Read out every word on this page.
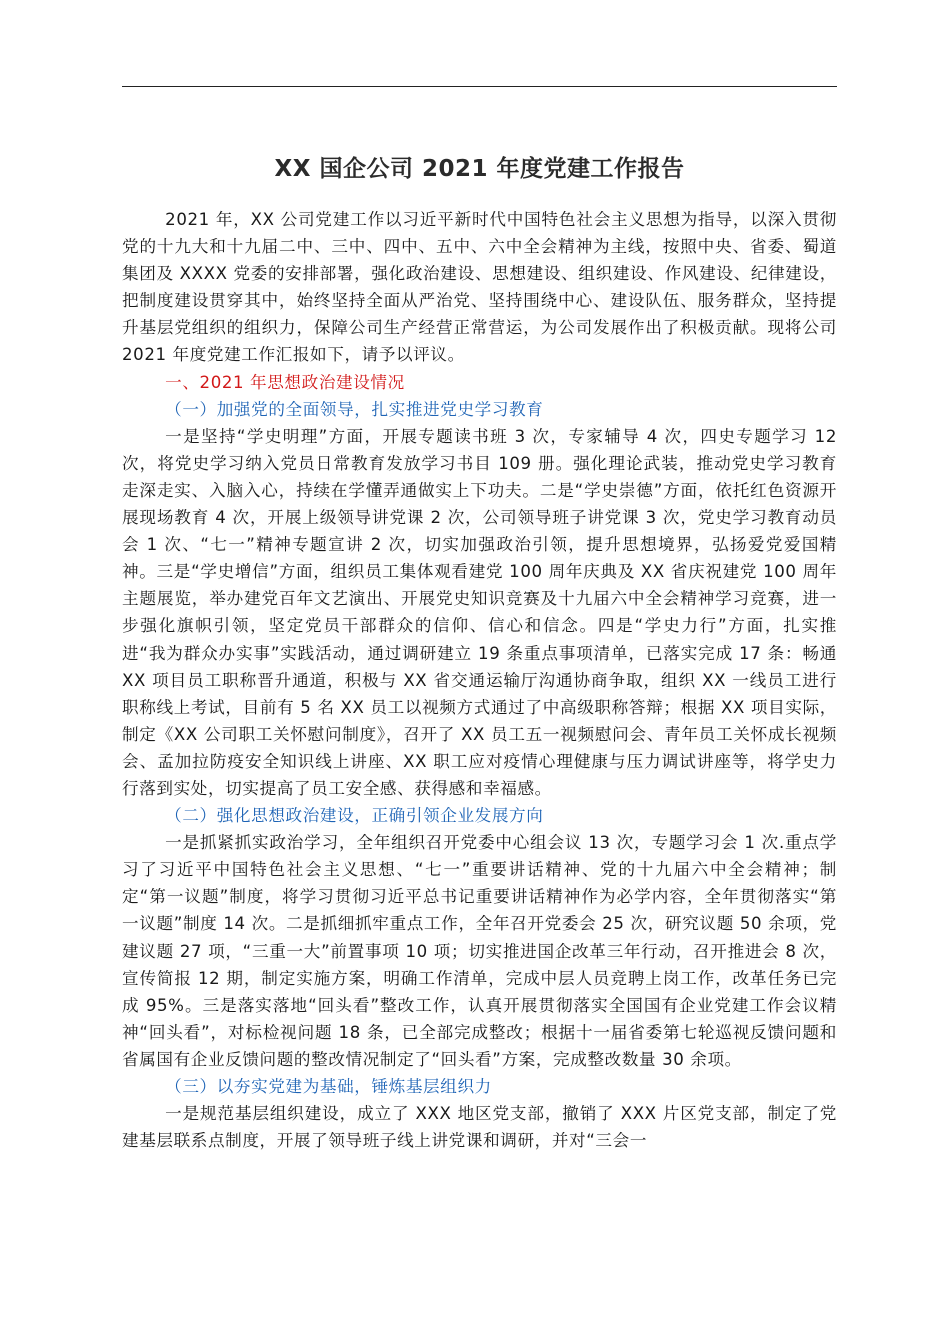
XX 国企公司 2021 年度党建工作报告

2021 年，XX 公司党建工作以习近平新时代中国特色社会主义思想为指导，以深入贯彻党的十九大和十九届二中、三中、四中、五中、六中全会精神为主线，按照中央、省委、蜀道集团及 XXXX 党委的安排部署，强化政治建设、思想建设、组织建设、作风建设、纪律建设，把制度建设贯穿其中，始终坚持全面从严治党、坚持围绕中心、建设队伍、服务群众，坚持提升基层党组织的组织力，保障公司生产经营正常营运，为公司发展作出了积极贡献。现将公司 2021 年度党建工作汇报如下，请予以评议。

一、2021 年思想政治建设情况

（一）加强党的全面领导，扎实推进党史学习教育

一是坚持“学史明理”方面，开展专题读书班 3 次，专家辅导 4 次，四史专题学习 12 次，将党史学习纳入党员日常教育发放学习书目 109 册。强化理论武装，推动党史学习教育走深走实、入脑入心，持续在学懂弄通做实上下功夫。二是“学史崇德”方面，依托红色资源开展现场教育 4 次，开展上级领导讲党课 2 次，公司领导班子讲党课 3 次，党史学习教育动员会 1 次、“七一”精神专题宣讲 2 次，切实加强政治引领，提升思想境界，弘扬爱党爱国精神。三是“学史增信”方面，组织员工集体观看建党 100 周年庆典及 XX 省庆祝建党 100 周年主题展览，举办建党百年文艺演出、开展党史知识竞赛及十九届六中全会精神学习竞赛，进一步强化旗帜引领，坚定党员干部群众的信仰、信心和信念。四是“学史力行”方面，扎实推进“我为群众办实事”实践活动，通过调研建立 19 条重点事项清单，已落实完成 17 条：畅通 XX 项目员工职称晋升通道，积极与 XX 省交通运输厅沟通协商争取，组织 XX 一线员工进行职称线上考试，目前有 5 名 XX 员工以视频方式通过了中高级职称答辩；根据 XX 项目实际，制定《XX 公司职工关怀慰问制度》，召开了 XX 员工五一视频慰问会、青年员工关怀成长视频会、孟加拉防疫安全知识线上讲座、XX 职工应对疫情心理健康与压力调试讲座等，将学史力行落到实处，切实提高了员工安全感、获得感和幸福感。

（二）强化思想政治建设，正确引领企业发展方向

一是抓紧抓实政治学习，全年组织召开党委中心组会议 13 次，专题学习会 1 次.重点学习了习近平中国特色社会主义思想、“七一”重要讲话精神、党的十九届六中全会精神；制定“第一议题”制度，将学习贯彻习近平总书记重要讲话精神作为必学内容，全年贯彻落实“第一议题”制度 14 次。二是抓细抓牢重点工作，全年召开党委会 25 次，研究议题 50 余项，党建议题 27 项，“三重一大”前置事项 10 项；切实推进国企改革三年行动，召开推进会 8 次，宣传简报 12 期，制定实施方案，明确工作清单，完成中层人员竞聘上岗工作，改革任务已完成 95%。三是落实落地“回头看”整改工作，认真开展贯彻落实全国国有企业党建工作会议精神“回头看”，对标检视问题 18 条，已全部完成整改；根据十一届省委第七轮巡视反馈问题和省属国有企业反馈问题的整改情况制定了“回头看”方案，完成整改数量 30 余项。

（三）以夯实党建为基础，锤炼基层组织力

一是规范基层组织建设，成立了 XXX 地区党支部，撤销了 XXX 片区党支部，制定了党建基层联系点制度，开展了领导班子线上讲党课和调研，并对“三会一
